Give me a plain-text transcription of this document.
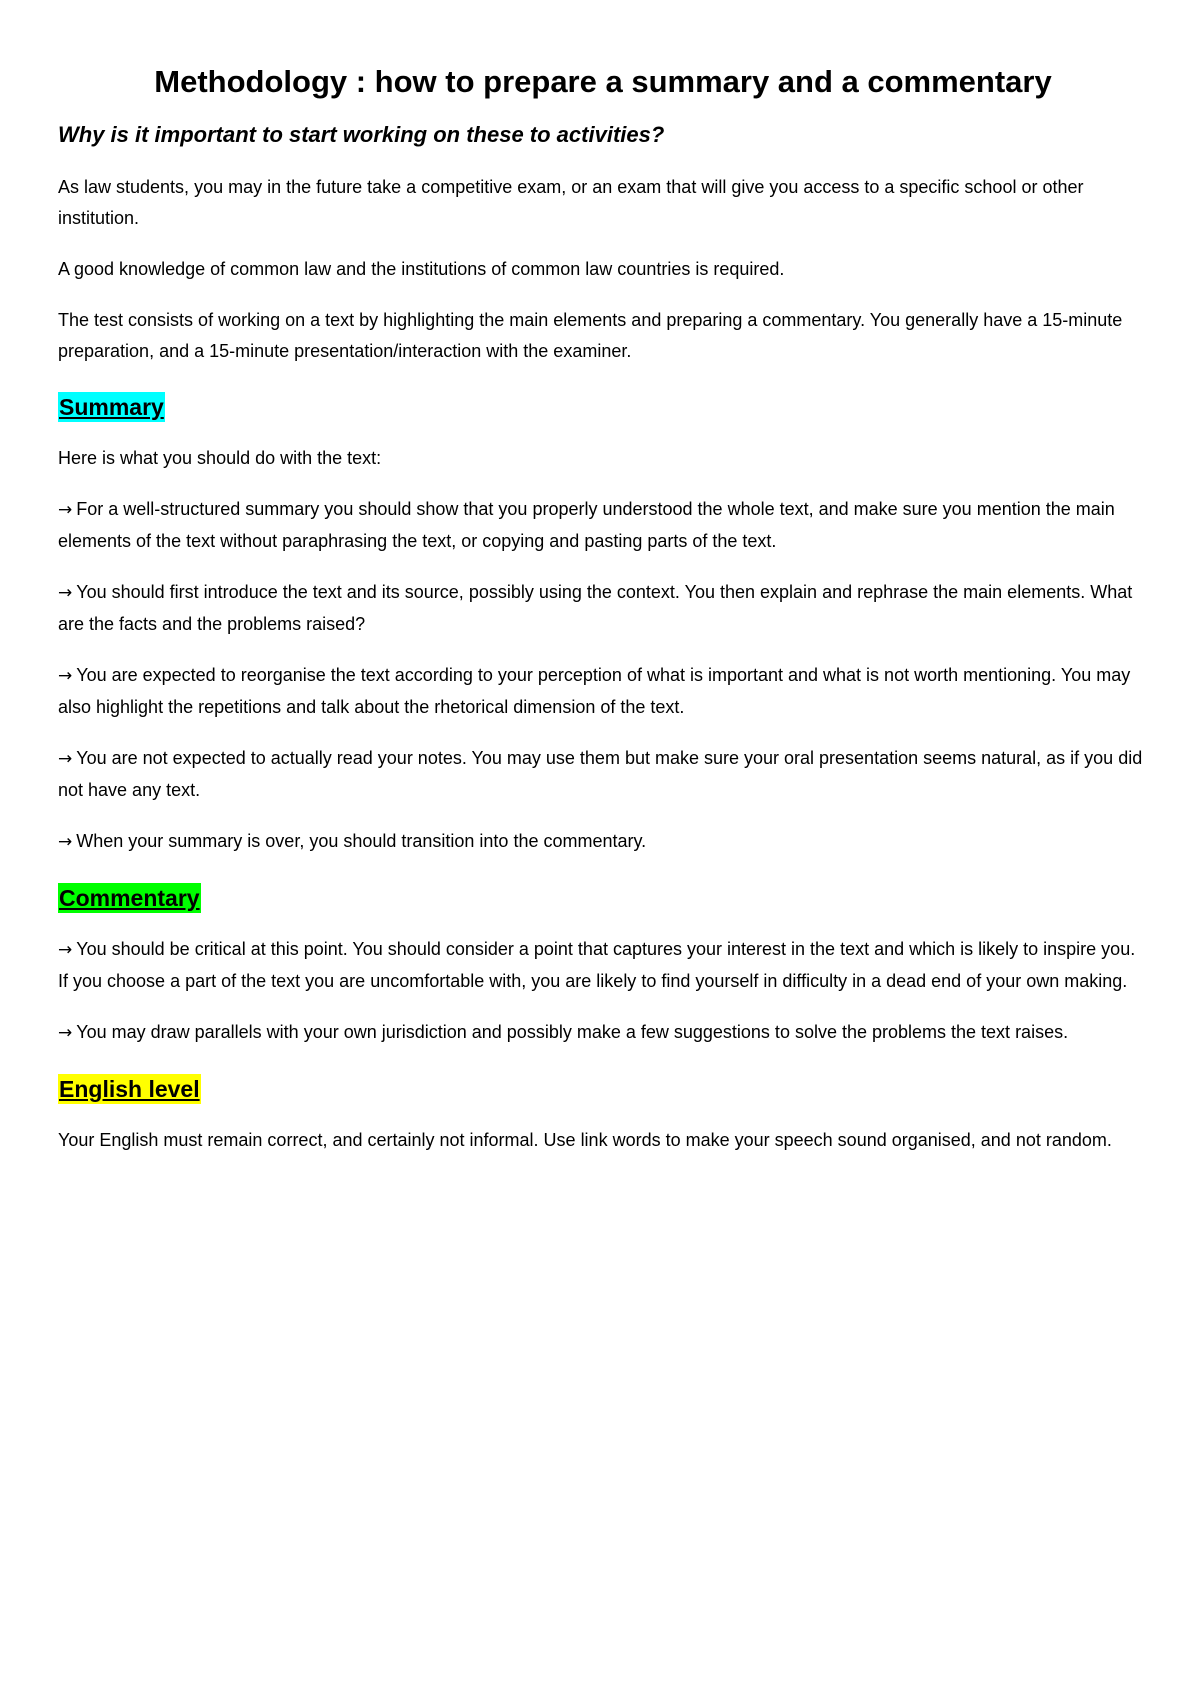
Methodology : how to prepare a summary and a commentary
Why is it important to start working on these to activities?

As law students, you may in the future take a competitive exam, or an exam that will give you access to a specific school or other institution.

A good knowledge of common law and the institutions of common law countries is required.

The test consists of working on a text by highlighting the main elements and preparing a commentary. You generally have a 15-minute preparation, and a 15-minute presentation/interaction with the examiner.

Summary

Here is what you should do with the text:

→ For a well-structured summary you should show that you properly understood the whole text, and make sure you mention the main elements of the text without paraphrasing the text, or copying and pasting parts of the text.

→ You should first introduce the text and its source, possibly using the context. You then explain and rephrase the main elements. What are the facts and the problems raised?

→ You are expected to reorganise the text according to your perception of what is important and what is not worth mentioning. You may also highlight the repetitions and talk about the rhetorical dimension of the text.

→ You are not expected to actually read your notes. You may use them but make sure your oral presentation seems natural, as if you did not have any text.

→ When your summary is over, you should transition into the commentary.

Commentary

→ You should be critical at this point. You should consider a point that captures your interest in the text and which is likely to inspire you. If you choose a part of the text you are uncomfortable with, you are likely to find yourself in difficulty in a dead end of your own making.

→ You may draw parallels with your own jurisdiction and possibly make a few suggestions to solve the problems the text raises.

English level

Your English must remain correct, and certainly not informal. Use link words to make your speech sound organised, and not random.
